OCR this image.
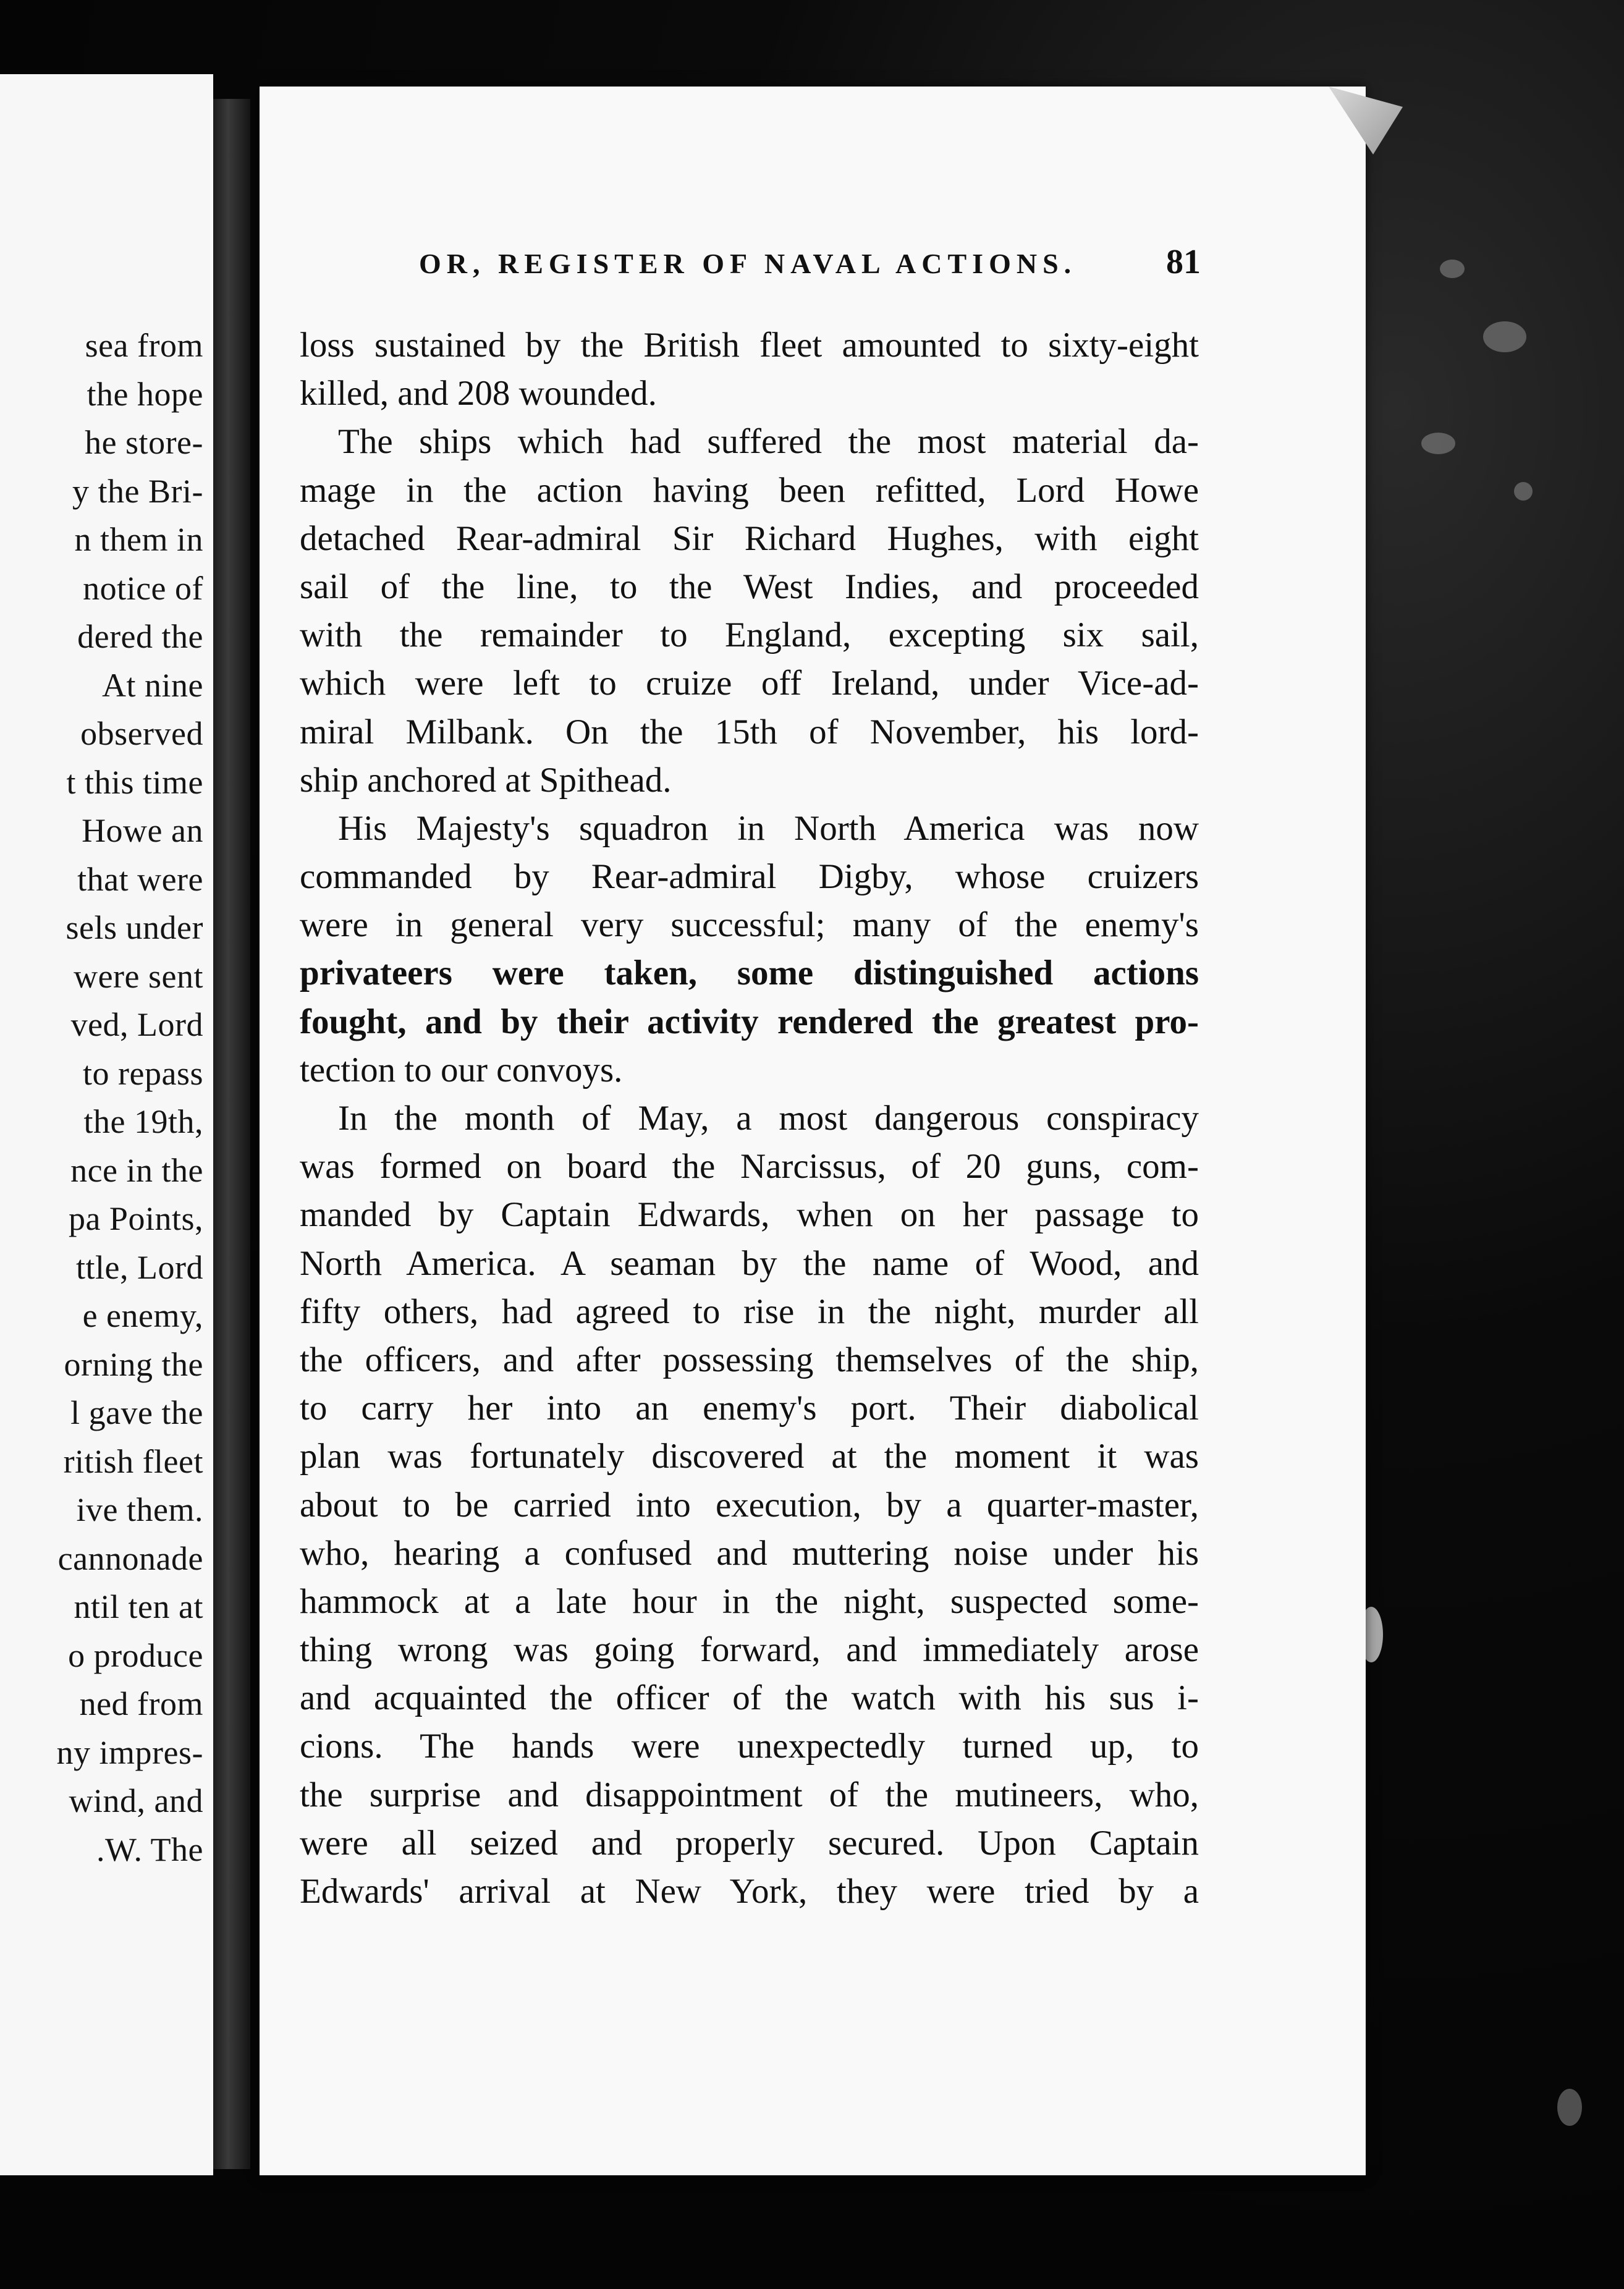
sea from
the hope
he store-
y the Bri-
n them in
notice of
dered the
At nine
observed
t this time
Howe an
that were
sels under
were sent
ved, Lord
to repass
the 19th,
nce in the
pa Points,
ttle, Lord
e enemy,
orning the
l gave the
ritish fleet
ive them.
cannonade
ntil ten at
o produce
ned from
ny impres-
wind, and
.W. The
OR, REGISTER OF NAVAL ACTIONS.	81
loss sustained by the British fleet amounted to sixty-eight
killed, and 208 wounded.
The ships which had suffered the most material da-
mage in the action having been refitted, Lord Howe
detached Rear-admiral Sir Richard Hughes, with eight
sail of the line, to the West Indies, and proceeded
with the remainder to England, excepting six sail,
which were left to cruize off Ireland, under Vice-ad-
miral Milbank. On the 15th of November, his lord-
ship anchored at Spithead.
His Majesty's squadron in North America was now
commanded by Rear-admiral Digby, whose cruizers
were in general very successful; many of the enemy's
privateers were taken, some distinguished actions
fought, and by their activity rendered the greatest pro-
tection to our convoys.
In the month of May, a most dangerous conspiracy
was formed on board the Narcissus, of 20 guns, com-
manded by Captain Edwards, when on her passage to
North America. A seaman by the name of Wood, and
fifty others, had agreed to rise in the night, murder all
the officers, and after possessing themselves of the ship,
to carry her into an enemy's port. Their diabolical
plan was fortunately discovered at the moment it was
about to be carried into execution, by a quarter-master,
who, hearing a confused and muttering noise under his
hammock at a late hour in the night, suspected some-
thing wrong was going forward, and immediately arose
and acquainted the officer of the watch with his sus i-
cions. The hands were unexpectedly turned up, to
the surprise and disappointment of the mutineers, who,
were all seized and properly secured. Upon Captain
Edwards' arrival at New York, they were tried by a
